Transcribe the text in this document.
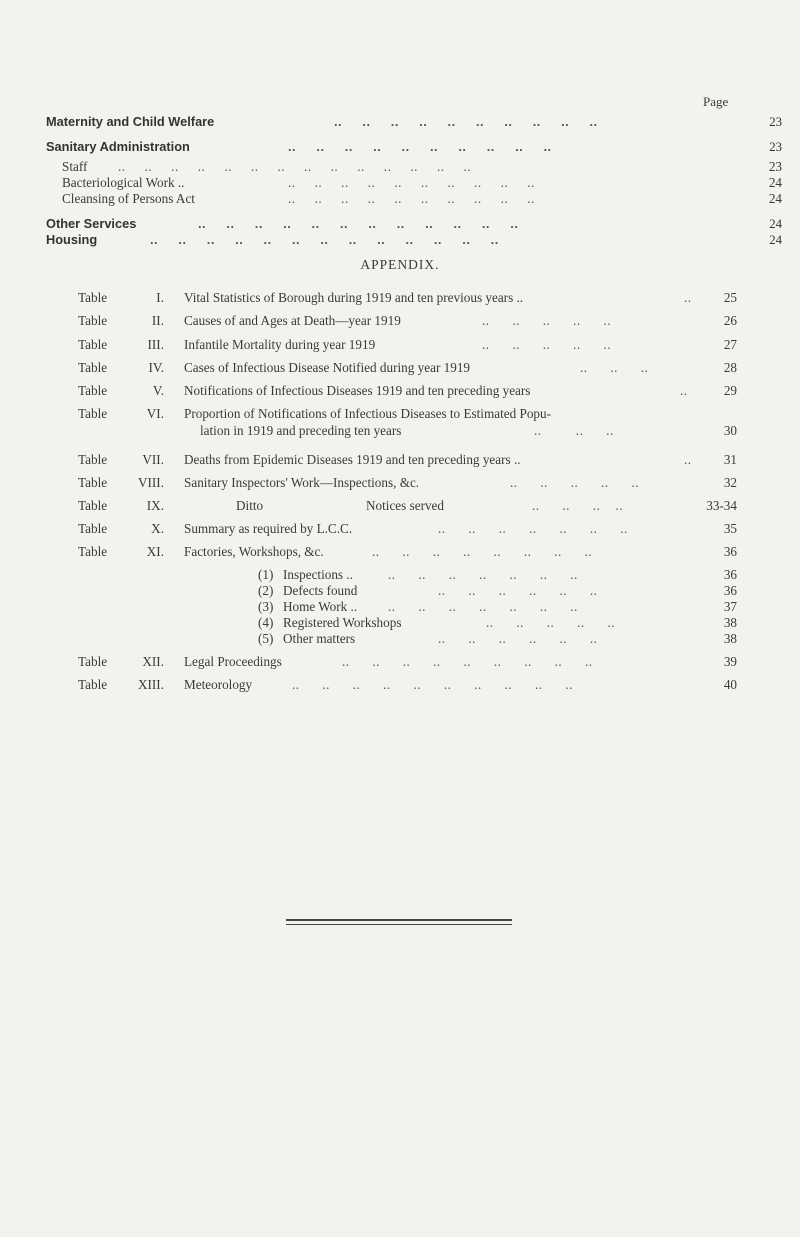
Page
Maternity and Child Welfare	..     ..     ..     ..     ..     ..     ..     ..     ..     ..	23
Sanitary Administration	..     ..     ..     ..     ..     ..     ..     ..     ..     ..	23
Staff ..     ..     ..     ..     ..     ..     ..     ..     ..     ..     ..     ..     ..     ..	23
Bacteriological Work ..	..     ..     ..     ..     ..     ..     ..     ..     ..     ..	24
Cleansing of Persons Act	..     ..     ..     ..     ..     ..     ..     ..     ..     ..	24
Other Services	..     ..     ..     ..     ..     ..     ..     ..     ..     ..     ..     ..	24
Housing	..     ..     ..     ..     ..     ..     ..     ..     ..     ..     ..     ..     ..	24
APPENDIX.
Table	I. Vital Statistics of Borough during 1919 and ten previous years ..	..	25
Table	II. Causes of and Ages at Death—year 1919	..      ..      ..      ..      ..	26
Table	III. Infantile Mortality during year 1919	..      ..      ..      ..      ..	27
Table	IV. Cases of Infectious Disease Notified during year 1919	..      ..      ..	28
Table	V. Notifications of Infectious Diseases 1919 and ten preceding years	..	29
Table	VI. Proportion of Notifications of Infectious Diseases to Estimated Popu-
lation in 1919 and preceding ten years	..         ..      ..	30
Table	VII. Deaths from Epidemic Diseases 1919 and ten preceding years ..	..	31
Table	VIII. Sanitary Inspectors' Work—Inspections, &c.	..      ..      ..      ..      ..	32
Table	IX.	Ditto	Notices served	..      ..      ..    ..	33-34
Table	X. Summary as required by L.C.C.	..      ..      ..      ..      ..      ..      ..	35
Table	XI. Factories, Workshops, &c.	..      ..      ..      ..      ..      ..      ..      ..	36
(1) Inspections ..	..      ..      ..      ..      ..      ..      ..	36
(2) Defects found	..      ..      ..      ..      ..      ..	36
(3) Home Work .. ..      ..      ..      ..      ..      ..      ..	37
(4) Registered Workshops	..      ..      ..      ..      ..	38
(5) Other matters	..      ..      ..      ..      ..      ..	38
Table	XII. Legal Proceedings	..      ..      ..      ..      ..      ..      ..      ..      ..	39
Table	XIII. Meteorology	..      ..      ..      ..      ..      ..      ..      ..      ..      ..	40
